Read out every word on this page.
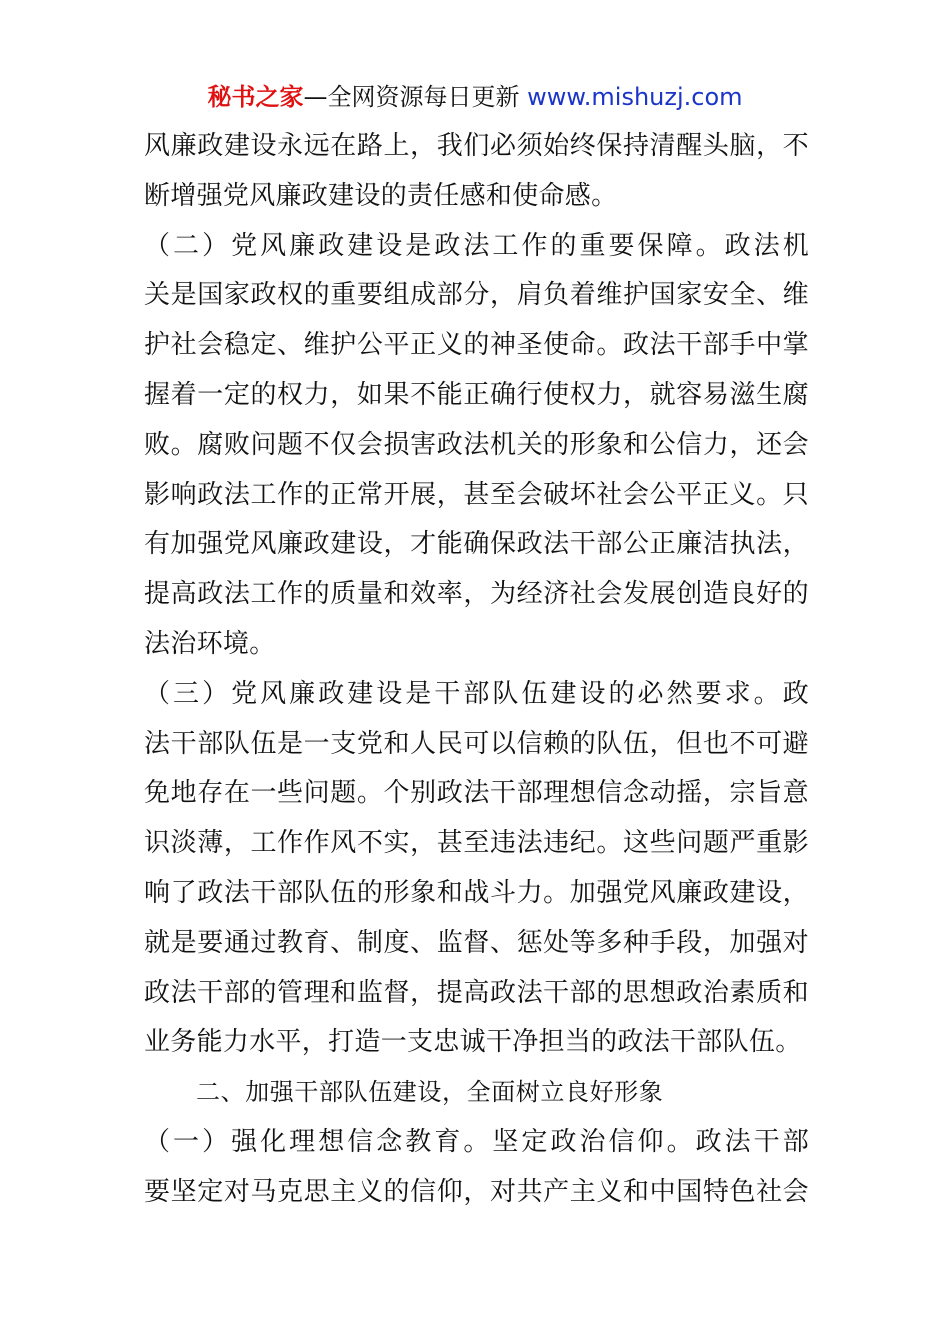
秘书之家—全网资源每日更新 www.mishuzj.com
风廉政建设永远在路上，我们必须始终保持清醒头脑，不
断增强党风廉政建设的责任感和使命感。
（二）党风廉政建设是政法工作的重要保障。政法机
关是国家政权的重要组成部分，肩负着维护国家安全、维
护社会稳定、维护公平正义的神圣使命。政法干部手中掌
握着一定的权力，如果不能正确行使权力，就容易滋生腐
败。腐败问题不仅会损害政法机关的形象和公信力，还会
影响政法工作的正常开展，甚至会破坏社会公平正义。只
有加强党风廉政建设，才能确保政法干部公正廉洁执法，
提高政法工作的质量和效率，为经济社会发展创造良好的
法治环境。
（三）党风廉政建设是干部队伍建设的必然要求。政
法干部队伍是一支党和人民可以信赖的队伍，但也不可避
免地存在一些问题。个别政法干部理想信念动摇，宗旨意
识淡薄，工作作风不实，甚至违法违纪。这些问题严重影
响了政法干部队伍的形象和战斗力。加强党风廉政建设，
就是要通过教育、制度、监督、惩处等多种手段，加强对
政法干部的管理和监督，提高政法干部的思想政治素质和
业务能力水平，打造一支忠诚干净担当的政法干部队伍。
二、加强干部队伍建设，全面树立良好形象
（一）强化理想信念教育。坚定政治信仰。政法干部
要坚定对马克思主义的信仰，对共产主义和中国特色社会
